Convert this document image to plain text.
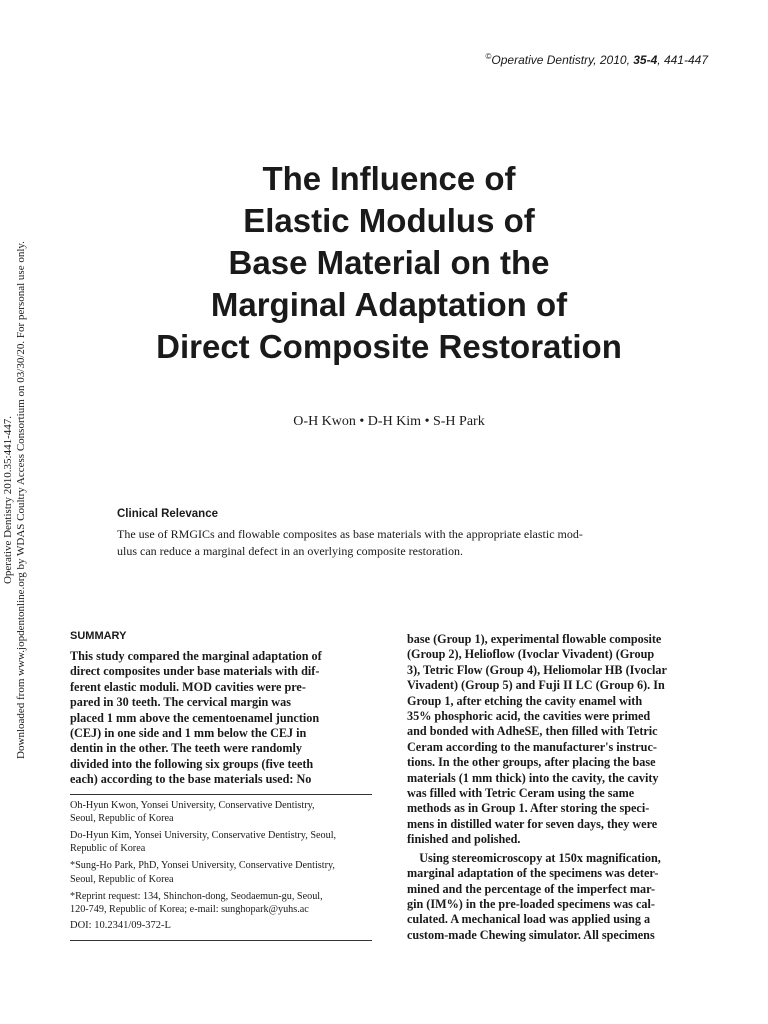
©Operative Dentistry, 2010, 35-4, 441-447
Operative Dentistry 2010.35:441-447. Downloaded from www.jopdentonline.org by WDAS Coultry Access Consortium on 03/30/20. For personal use only.
The Influence of
Elastic Modulus of
Base Material on the
Marginal Adaptation of
Direct Composite Restoration
O-H Kwon • D-H Kim • S-H Park
Clinical Relevance
The use of RMGICs and flowable composites as base materials with the appropriate elastic mod-
ulus can reduce a marginal defect in an overlying composite restoration.
SUMMARY
This study compared the marginal adaptation of
direct composites under base materials with dif-
ferent elastic moduli. MOD cavities were pre-
pared in 30 teeth. The cervical margin was
placed 1 mm above the cementoenamel junction
(CEJ) in one side and 1 mm below the CEJ in
dentin in the other. The teeth were randomly
divided into the following six groups (five teeth
each) according to the base materials used: No
Oh-Hyun Kwon, Yonsei University, Conservative Dentistry,
Seoul, Republic of Korea
Do-Hyun Kim, Yonsei University, Conservative Dentistry, Seoul,
Republic of Korea
*Sung-Ho Park, PhD, Yonsei University, Conservative Dentistry,
Seoul, Republic of Korea
*Reprint request: 134, Shinchon-dong, Seodaemun-gu, Seoul,
120-749, Republic of Korea; e-mail: sunghopark@yuhs.ac
DOI: 10.2341/09-372-L
base (Group 1), experimental flowable composite
(Group 2), Helioflow (Ivoclar Vivadent) (Group
3), Tetric Flow (Group 4), Heliomolar HB (Ivoclar
Vivadent) (Group 5) and Fuji II LC (Group 6). In
Group 1, after etching the cavity enamel with
35% phosphoric acid, the cavities were primed
and bonded with AdheSE, then filled with Tetric
Ceram according to the manufacturer's instruc-
tions. In the other groups, after placing the base
materials (1 mm thick) into the cavity, the cavity
was filled with Tetric Ceram using the same
methods as in Group 1. After storing the speci-
mens in distilled water for seven days, they were
finished and polished.
Using stereomicroscopy at 150x magnification,
marginal adaptation of the specimens was deter-
mined and the percentage of the imperfect mar-
gin (IM%) in the pre-loaded specimens was cal-
culated. A mechanical load was applied using a
custom-made Chewing simulator. All specimens
